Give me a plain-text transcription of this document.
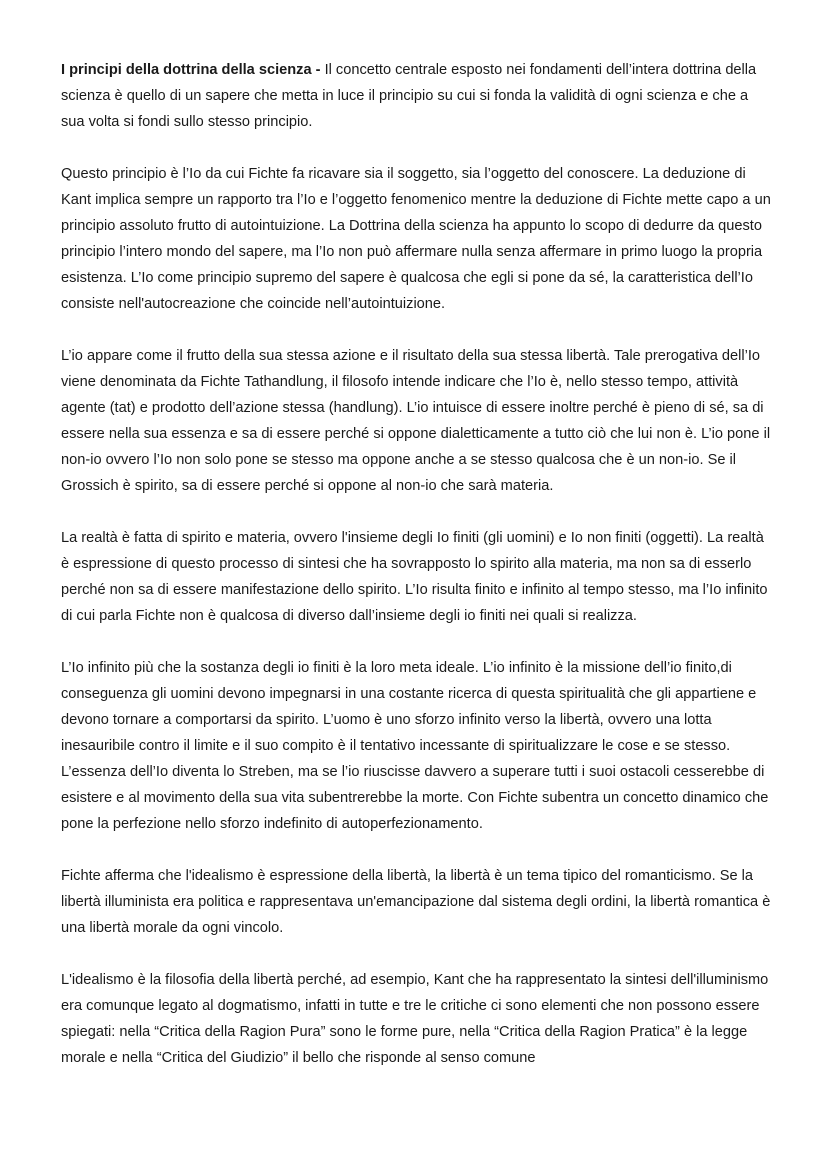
I principi della dottrina della scienza - Il concetto centrale esposto nei fondamenti dell’intera dottrina della scienza è quello di un sapere che metta in luce il principio su cui si fonda la validità di ogni scienza e che a sua volta si fondi sullo stesso principio.

Questo principio è l’Io da cui Fichte fa ricavare sia il soggetto, sia l’oggetto del conoscere. La deduzione di Kant implica sempre un rapporto tra l’Io e l’oggetto fenomenico mentre la deduzione di Fichte mette capo a un principio assoluto frutto di autointuizione. La Dottrina della scienza ha appunto lo scopo di dedurre da questo principio l’intero mondo del sapere, ma l’Io non può affermare nulla senza affermare in primo luogo la propria esistenza. L’Io come principio supremo del sapere è qualcosa che egli si pone da sé, la caratteristica dell’Io consiste nell'autocreazione che coincide nell’autointuizione.

L’io appare come il frutto della sua stessa azione e il risultato della sua stessa libertà. Tale prerogativa dell’Io viene denominata da Fichte Tathandlung, il filosofo intende indicare che l’Io è, nello stesso tempo, attività agente (tat) e prodotto dell’azione stessa (handlung). L’io intuisce di essere inoltre perché è pieno di sé, sa di essere nella sua essenza e sa di essere perché si oppone dialetticamente a tutto ciò che lui non è. L’io pone il non-io ovvero l’Io non solo pone se stesso ma oppone anche a se stesso qualcosa che è un non-io. Se il Grossich è spirito, sa di essere perché si oppone al non-io che sarà materia.

La realtà è fatta di spirito e materia, ovvero l'insieme degli Io finiti (gli uomini) e Io non finiti (oggetti). La realtà è espressione di questo processo di sintesi che ha sovrapposto lo spirito alla materia, ma non sa di esserlo perché non sa di essere manifestazione dello spirito. L’Io risulta finito e infinito al tempo stesso, ma l’Io infinito di cui parla Fichte non è qualcosa di diverso dall’insieme degli io finiti nei quali si realizza.

L’Io infinito più che la sostanza degli io finiti è la loro meta ideale. L’io infinito è la missione dell’io finito,di conseguenza gli uomini devono impegnarsi in una costante ricerca di questa spiritualità che gli appartiene e devono tornare a comportarsi da spirito. L’uomo è uno sforzo infinito verso la libertà, ovvero una lotta inesauribile contro il limite e il suo compito è il tentativo incessante di spiritualizzare le cose e se stesso. L’essenza dell’Io diventa lo Streben, ma se l’io riuscisse davvero a superare tutti i suoi ostacoli cesserebbe di esistere e al movimento della sua vita subentrerebbe la morte. Con Fichte subentra un concetto dinamico che pone la perfezione nello sforzo indefinito di autoperfezionamento.

Fichte afferma che l'idealismo è espressione della libertà, la libertà è un tema tipico del romanticismo. Se la libertà illuminista era politica e rappresentava un'emancipazione dal sistema degli ordini, la libertà romantica è una libertà morale da ogni vincolo.

L'idealismo è la filosofia della libertà perché, ad esempio, Kant che ha rappresentato la sintesi dell'illuminismo era comunque legato al dogmatismo, infatti in tutte e tre le critiche ci sono elementi che non possono essere spiegati: nella “Critica della Ragion Pura” sono le forme pure, nella “Critica della Ragion Pratica” è la legge morale e nella “Critica del Giudizio” il bello che risponde al senso comune
